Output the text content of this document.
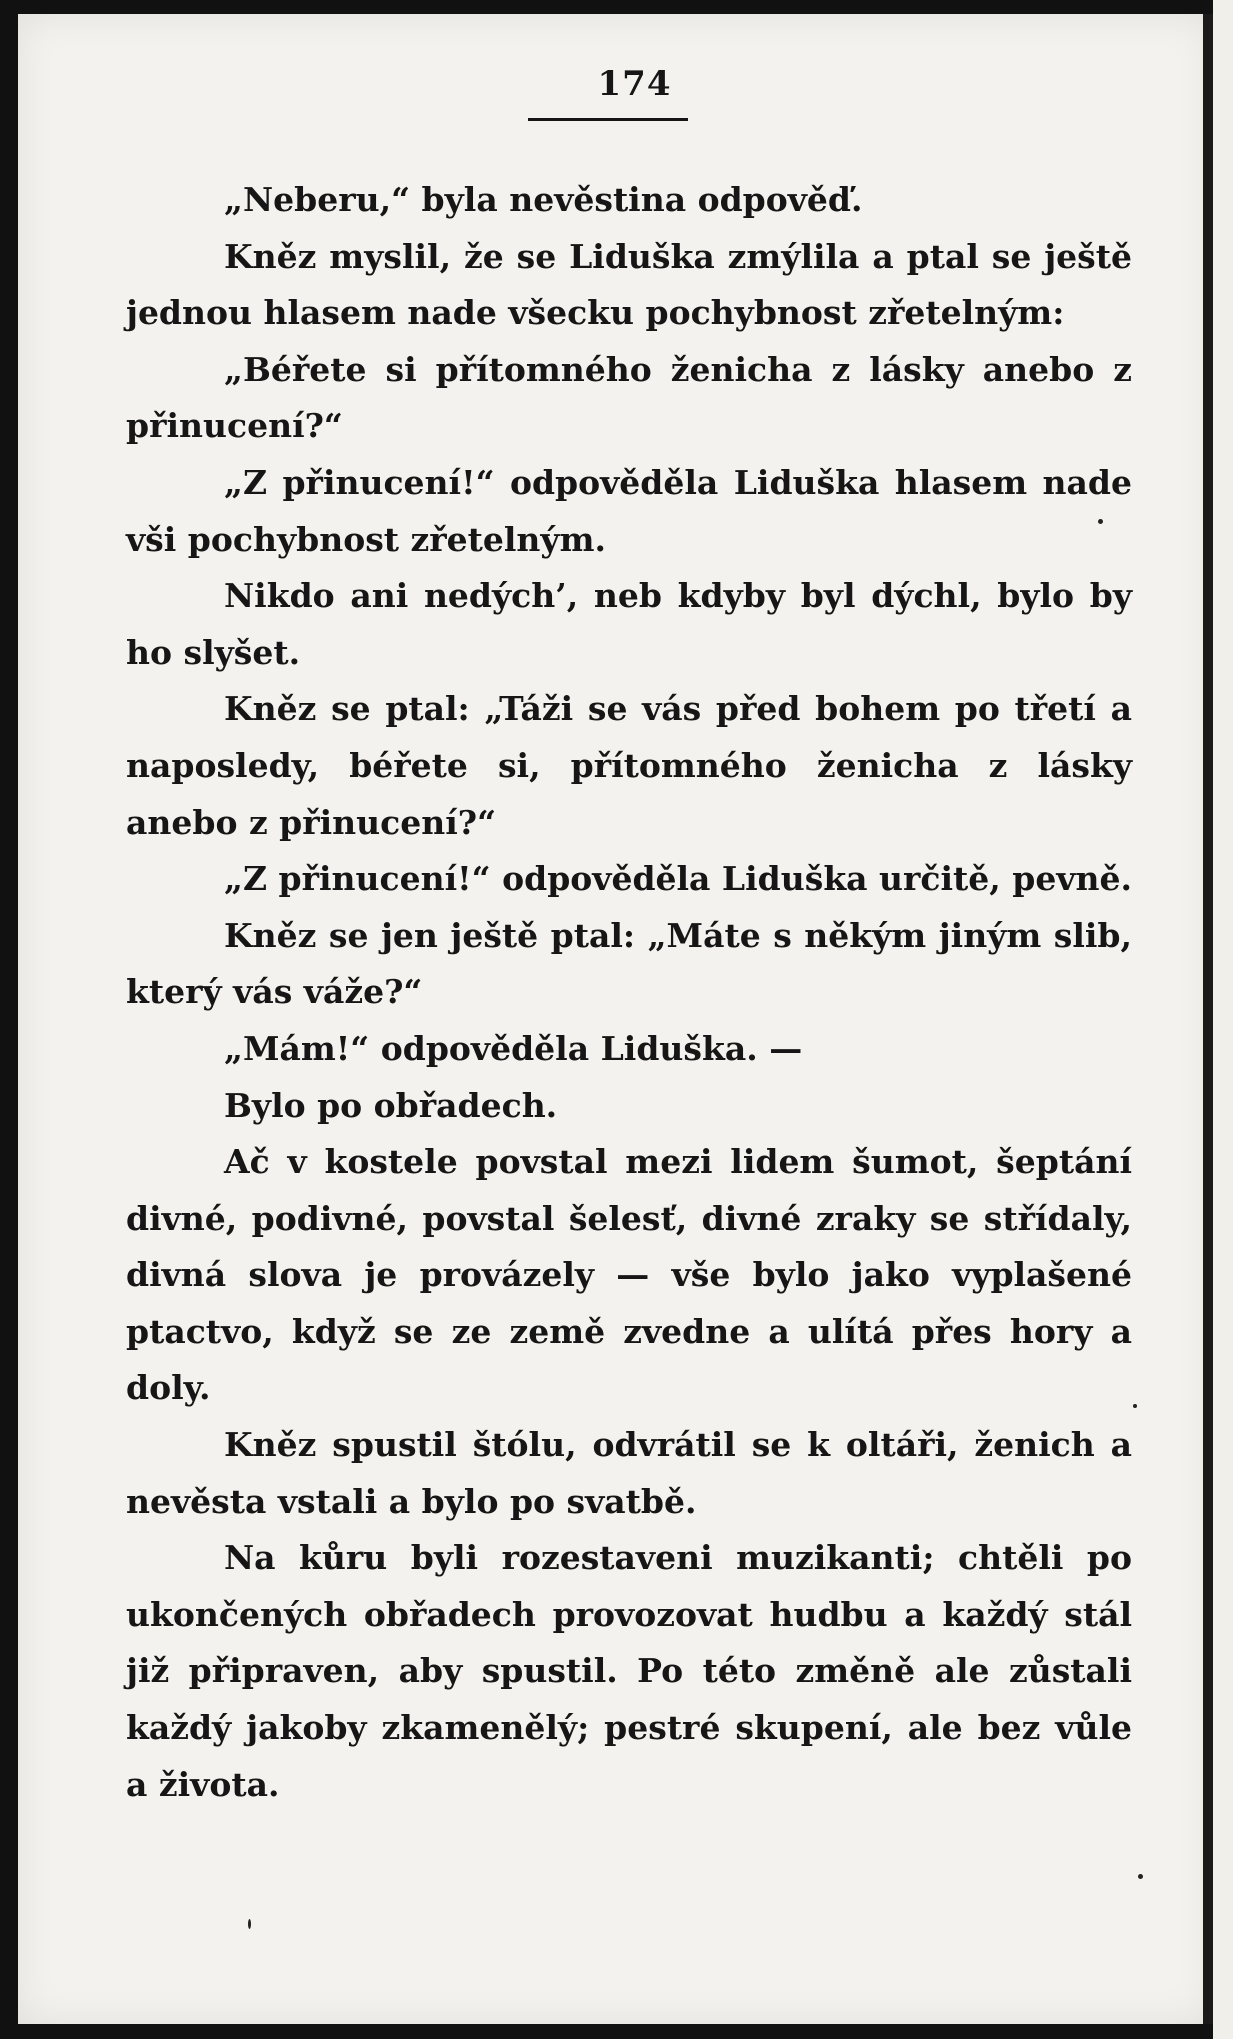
174

„Neberu,“ byla nevěstina odpověď.

Kněz myslil, že se Liduška zmýlila a ptal se ještě jednou hlasem nade všecku pochybnost zřetelným:

„Béřete si přítomného ženicha z lásky anebo z přinucení?“

„Z přinucení!“ odpověděla Liduška hlasem nade vši pochybnost zřetelným.

Nikdo ani nedých’, neb kdyby byl dýchl, bylo by ho slyšet.

Kněz se ptal: „Táži se vás před bohem po třetí a naposledy, béřete si, přítomného ženicha z lásky anebo z přinucení?“

„Z přinucení!“ odpověděla Liduška určitě, pevně.

Kněz se jen ještě ptal: „Máte s někým jiným slib, který vás váže?“

„Mám!“ odpověděla Liduška. —

Bylo po obřadech.

Ač v kostele povstal mezi lidem šumot, šeptání divné, podivné, povstal šelesť, divné zraky se střídaly, divná slova je provázely — vše bylo jako vyplašené ptactvo, když se ze země zvedne a ulítá přes hory a doly.

Kněz spustil štólu, odvrátil se k oltáři, ženich a nevěsta vstali a bylo po svatbě.

Na kůru byli rozestaveni muzikanti; chtěli po ukončených obřadech provozovat hudbu a každý stál již připraven, aby spustil. Po této změně ale zůstali každý jakoby zkamenělý; pestré skupení, ale bez vůle a života.
